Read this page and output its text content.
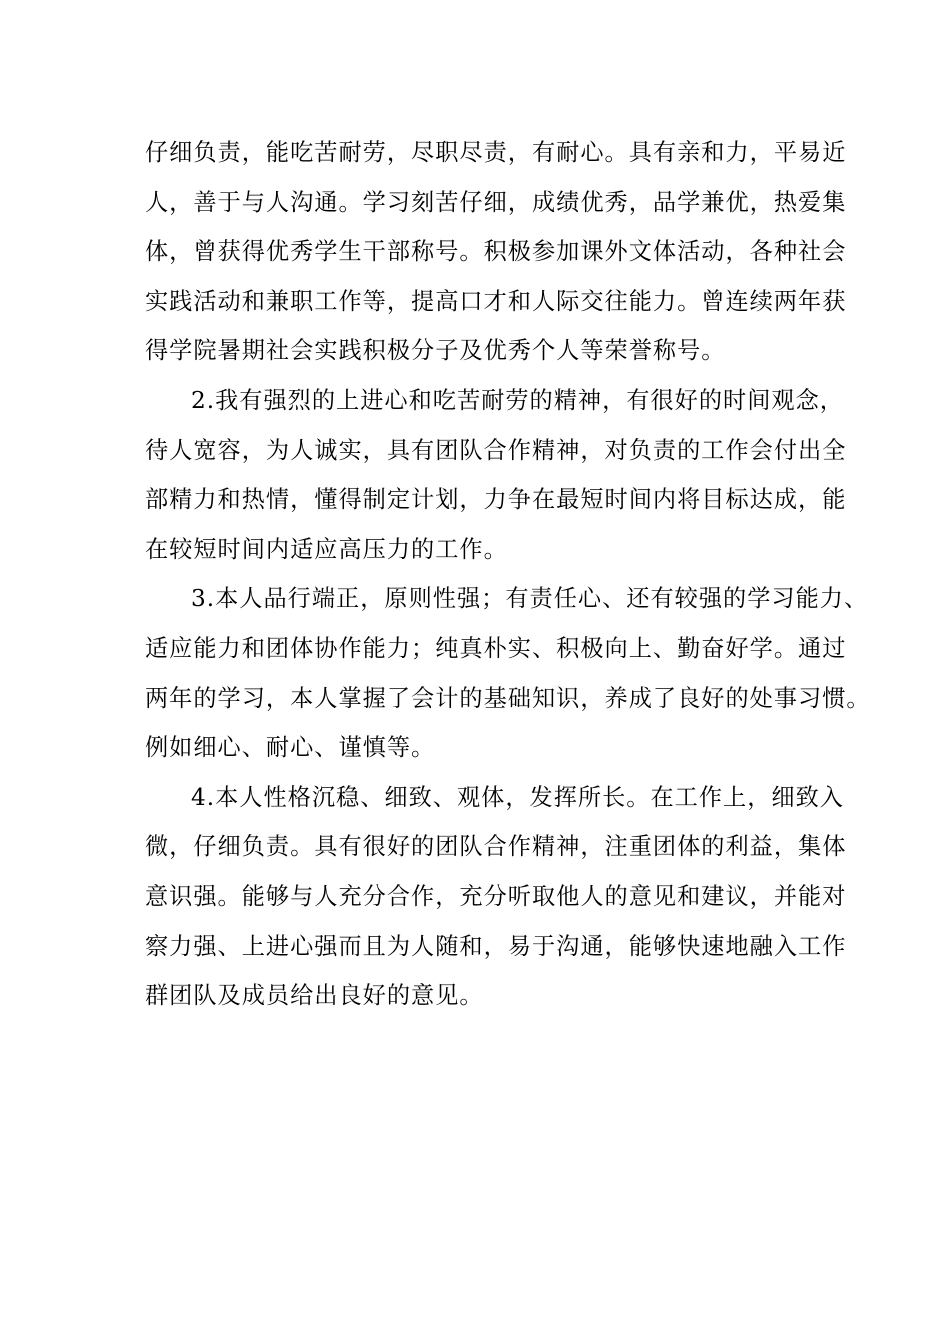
仔细负责，能吃苦耐劳，尽职尽责，有耐心。具有亲和力，平易近
人，善于与人沟通。学习刻苦仔细，成绩优秀，品学兼优，热爱集
体，曾获得优秀学生干部称号。积极参加课外文体活动，各种社会
实践活动和兼职工作等，提高口才和人际交往能力。曾连续两年获
得学院暑期社会实践积极分子及优秀个人等荣誉称号。
2.我有强烈的上进心和吃苦耐劳的精神，有很好的时间观念，
待人宽容，为人诚实，具有团队合作精神，对负责的工作会付出全
部精力和热情，懂得制定计划，力争在最短时间内将目标达成，能
在较短时间内适应高压力的工作。
3.本人品行端正，原则性强；有责任心、还有较强的学习能力、
适应能力和团体协作能力；纯真朴实、积极向上、勤奋好学。通过
两年的学习，本人掌握了会计的基础知识，养成了良好的处事习惯。
例如细心、耐心、谨慎等。
4.本人性格沉稳、细致、观体，发挥所长。在工作上，细致入
微，仔细负责。具有很好的团队合作精神，注重团体的利益，集体
意识强。能够与人充分合作，充分听取他人的意见和建议，并能对
察力强、上进心强而且为人随和，易于沟通，能够快速地融入工作
群团队及成员给出良好的意见。
